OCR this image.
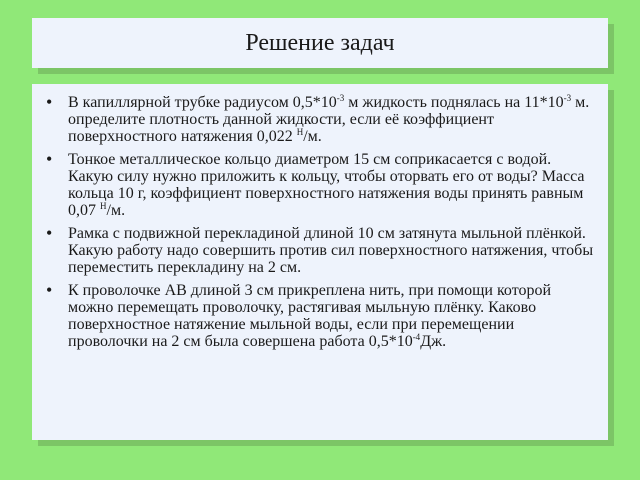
Решение задач
• В капиллярной трубке радиусом $0,5*10^{-3}$ м жидкость поднялась на $11*10^{-3}$ м. определите плотность данной жидкости, если её коэффициент поверхностного натяжения 0,022 $^Н$/м.
• Тонкое металлическое кольцо диаметром 15 см соприкасается с водой. Какую силу нужно приложить к кольцу, чтобы оторвать его от воды? Масса кольца 10 г, коэффициент поверхностного натяжения воды принять равным 0,07 $^Н$/м.
• Рамка с подвижной перекладиной длиной 10 см затянута мыльной плёнкой. Какую работу надо совершить против сил поверхностного натяжения, чтобы переместить перекладину на 2 см.
• К проволочке АВ длиной 3 см прикреплена нить, при помощи которой можно перемещать проволочку, растягивая мыльную плёнку. Каково поверхностное натяжение мыльной воды, если при перемещении проволочки на 2 см была совершена работа $0,5*10^{-4}Дж$.
